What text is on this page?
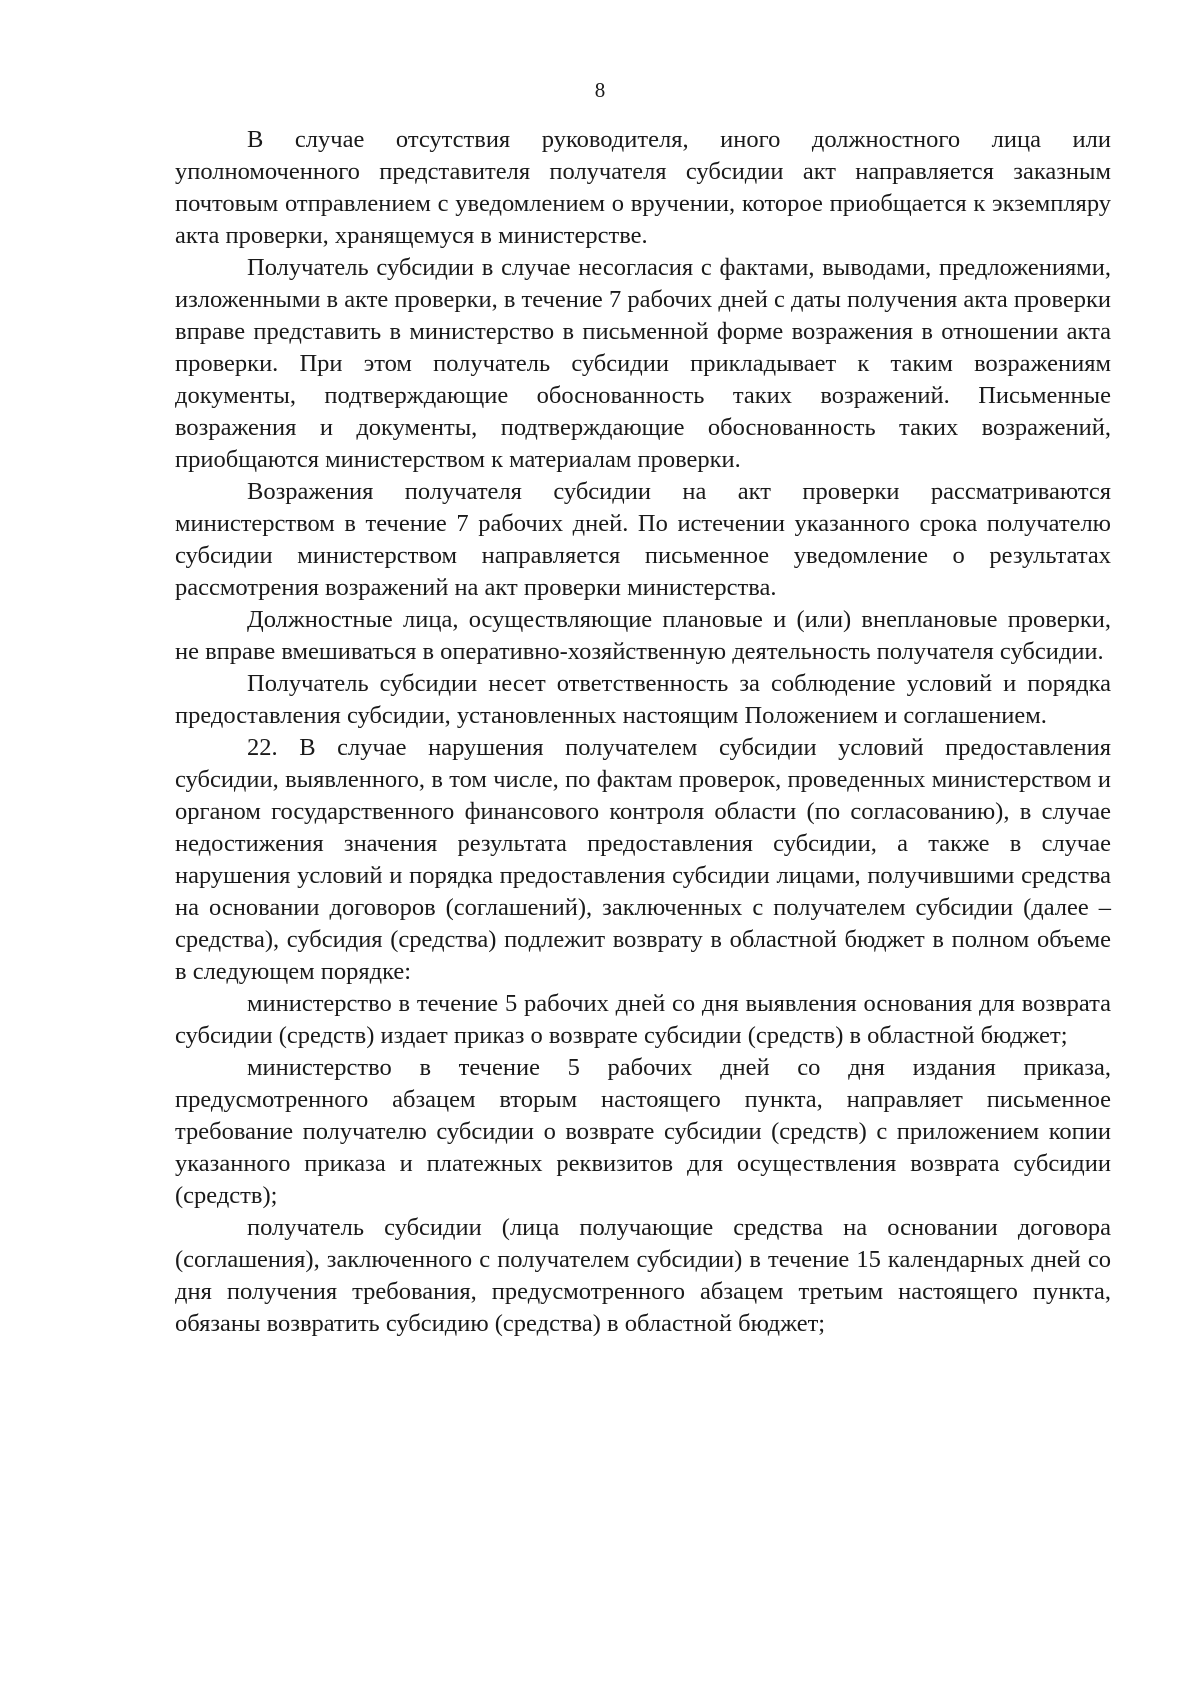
8

В случае отсутствия руководителя, иного должностного лица или уполномоченного представителя получателя субсидии акт направляется заказным почтовым отправлением с уведомлением о вручении, которое приобщается к экземпляру акта проверки, хранящемуся в министерстве.

Получатель субсидии в случае несогласия с фактами, выводами, предложениями, изложенными в акте проверки, в течение 7 рабочих дней с даты получения акта проверки вправе представить в министерство в письменной форме возражения в отношении акта проверки. При этом получатель субсидии прикладывает к таким возражениям документы, подтверждающие обоснованность таких возражений. Письменные возражения и документы, подтверждающие обоснованность таких возражений, приобщаются министерством к материалам проверки.

Возражения получателя субсидии на акт проверки рассматриваются министерством в течение 7 рабочих дней. По истечении указанного срока получателю субсидии министерством направляется письменное уведомление о результатах рассмотрения возражений на акт проверки министерства.

Должностные лица, осуществляющие плановые и (или) внеплановые проверки, не вправе вмешиваться в оперативно-хозяйственную деятельность получателя субсидии.

Получатель субсидии несет ответственность за соблюдение условий и порядка предоставления субсидии, установленных настоящим Положением и соглашением.

22. В случае нарушения получателем субсидии условий предоставления субсидии, выявленного, в том числе, по фактам проверок, проведенных министерством и органом государственного финансового контроля области (по согласованию), в случае недостижения значения результата предоставления субсидии, а также в случае нарушения условий и порядка предоставления субсидии лицами, получившими средства на основании договоров (соглашений), заключенных с получателем субсидии (далее – средства), субсидия (средства) подлежит возврату в областной бюджет в полном объеме в следующем порядке:

министерство в течение 5 рабочих дней со дня выявления основания для возврата субсидии (средств) издает приказ о возврате субсидии (средств) в областной бюджет;

министерство в течение 5 рабочих дней со дня издания приказа, предусмотренного абзацем вторым настоящего пункта, направляет письменное требование получателю субсидии о возврате субсидии (средств) с приложением копии указанного приказа и платежных реквизитов для осуществления возврата субсидии (средств);

получатель субсидии (лица получающие средства на основании договора (соглашения), заключенного с получателем субсидии) в течение 15 календарных дней со дня получения требования, предусмотренного абзацем третьим настоящего пункта, обязаны возвратить субсидию (средства) в областной бюджет;
